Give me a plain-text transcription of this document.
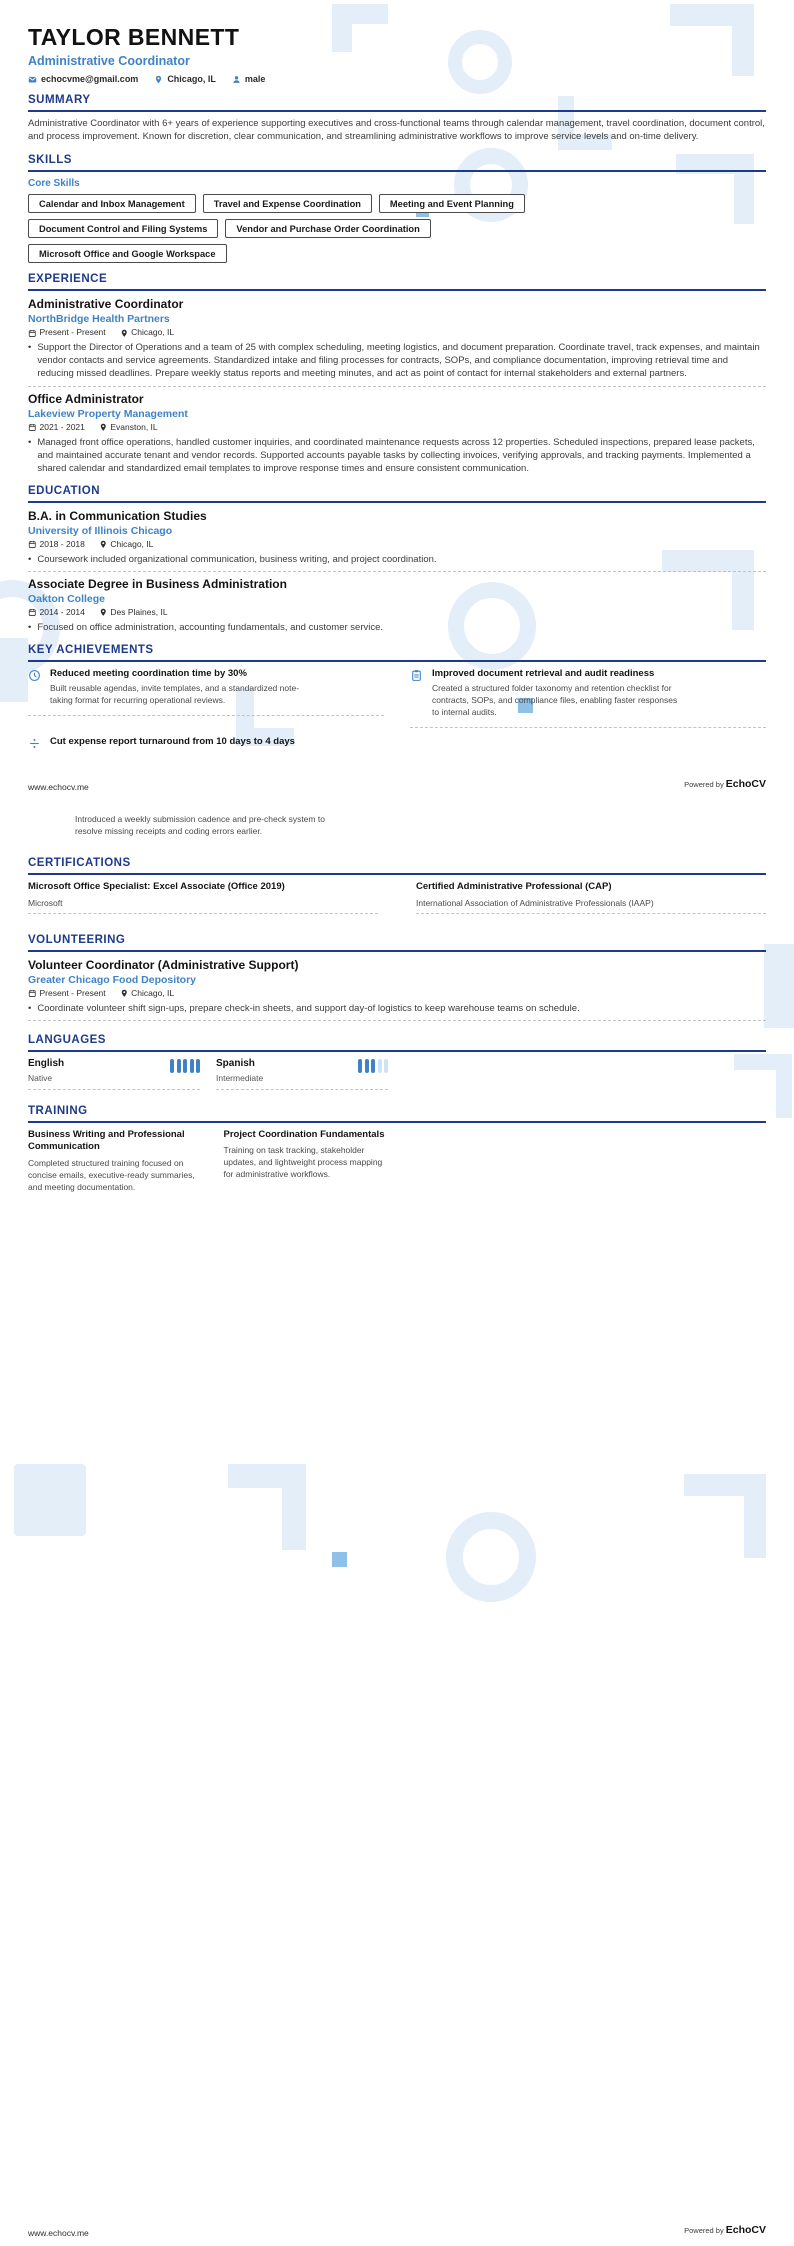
TAYLOR BENNETT
Administrative Coordinator
echocvme@gmail.com	Chicago, IL	male
SUMMARY

Administrative Coordinator with 6+ years of experience supporting executives and cross-functional teams through calendar management, travel coordination, document control, and process improvement. Known for discretion, clear communication, and streamlining administrative workflows to improve service levels and on-time delivery.

SKILLS
Core Skills
Calendar and Inbox Management	Travel and Expense Coordination	Meeting and Event Planning
Document Control and Filing Systems	Vendor and Purchase Order Coordination
Microsoft Office and Google Workspace
EXPERIENCE
Administrative Coordinator
NorthBridge Health Partners
Present - Present	Chicago, IL
• Support the Director of Operations and a team of 25 with complex scheduling, meeting logistics, and document preparation. Coordinate travel, track expenses, and maintain vendor contacts and service agreements. Standardized intake and filing processes for contracts, SOPs, and compliance documentation, improving retrieval time and reducing missed deadlines. Prepare weekly status reports and meeting minutes, and act as point of contact for internal stakeholders and external partners.
Office Administrator
Lakeview Property Management
2021 - 2021	Evanston, IL
• Managed front office operations, handled customer inquiries, and coordinated maintenance requests across 12 properties. Scheduled inspections, prepared lease packets, and maintained accurate tenant and vendor records. Supported accounts payable tasks by collecting invoices, verifying approvals, and tracking payments. Implemented a shared calendar and standardized email templates to improve response times and ensure consistent communication.
EDUCATION
B.A. in Communication Studies
University of Illinois Chicago
2018 - 2018	Chicago, IL
• Coursework included organizational communication, business writing, and project coordination.
Associate Degree in Business Administration
Oakton College
2014 - 2014	Des Plaines, IL
• Focused on office administration, accounting fundamentals, and customer service.
KEY ACHIEVEMENTS
Reduced meeting coordination time by 30%
Built reusable agendas, invite templates, and a standardized note-taking format for recurring operational reviews.
Improved document retrieval and audit readiness
Created a structured folder taxonomy and retention checklist for contracts, SOPs, and compliance files, enabling faster responses to internal audits.
Cut expense report turnaround from 10 days to 4 days
www.echocv.me	Powered by EchoCV

Introduced a weekly submission cadence and pre-check system to resolve missing receipts and coding errors earlier.

CERTIFICATIONS
Microsoft Office Specialist: Excel Associate (Office 2019)
Microsoft
Certified Administrative Professional (CAP)
International Association of Administrative Professionals (IAAP)
VOLUNTEERING
Volunteer Coordinator (Administrative Support)
Greater Chicago Food Depository
Present - Present	Chicago, IL
• Coordinate volunteer shift sign-ups, prepare check-in sheets, and support day-of logistics to keep warehouse teams on schedule.
LANGUAGES
English
Native
Spanish
Intermediate
TRAINING
Business Writing and Professional Communication
Completed structured training focused on concise emails, executive-ready summaries, and meeting documentation.
Project Coordination Fundamentals
Training on task tracking, stakeholder updates, and lightweight process mapping for administrative workflows.
www.echocv.me	Powered by EchoCV
